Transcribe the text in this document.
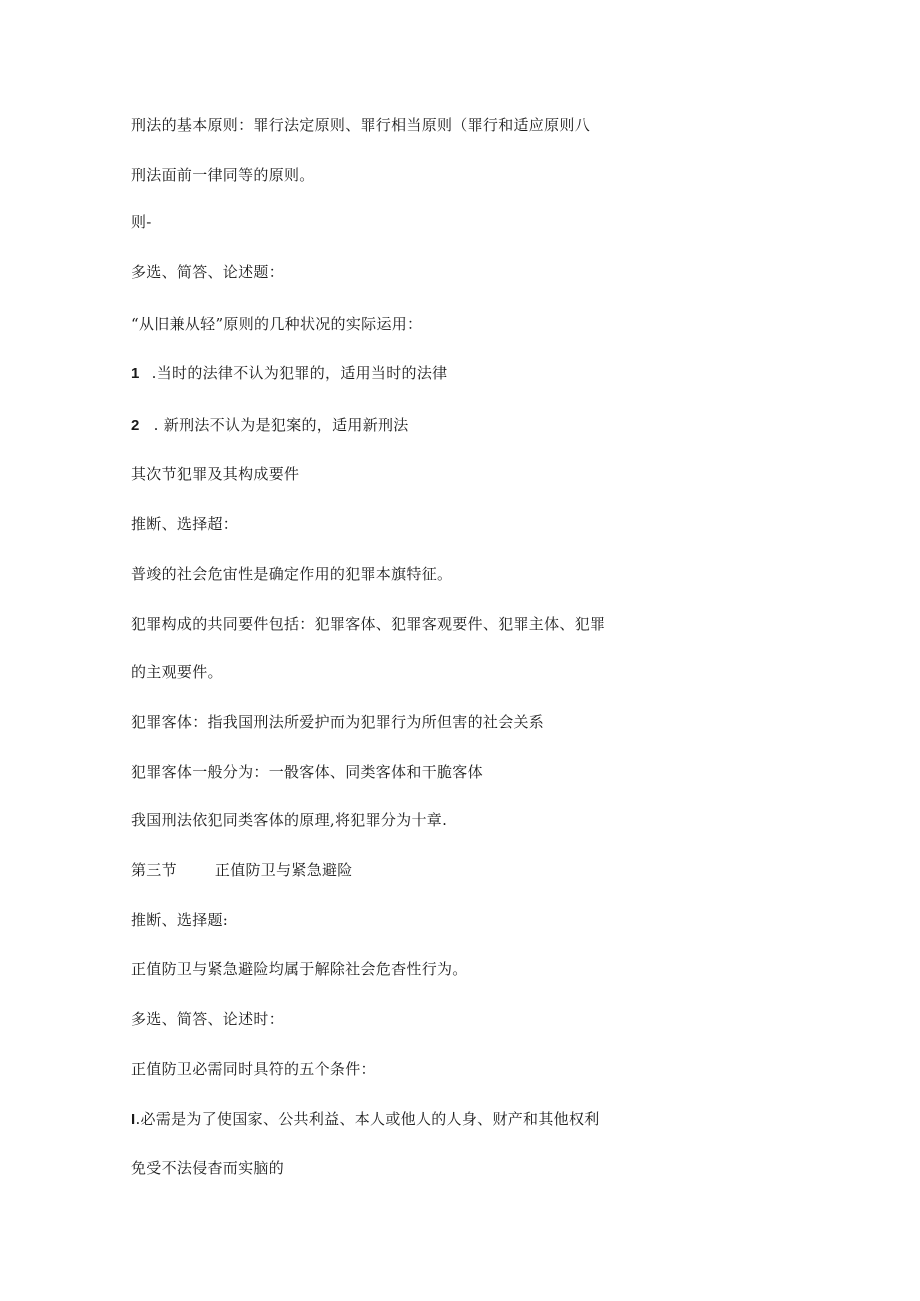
刑法的基本原则：罪行法定原则、罪行相当原则（罪行和适应原则八
刑法面前一律同等的原则。
则-
多选、简答、论述题：
“从旧兼从轻”原则的几种状况的实际运用：
1 .当时的法律不认为犯罪的，适用当时的法律
2 . 新刑法不认为是犯案的，适用新刑法
其次节犯罪及其构成要件
推断、选择超：
普竣的社会危宙性是确定作用的犯罪本旗特征。
犯罪构成的共同要件包括：犯罪客体、犯罪客观要件、犯罪主体、犯罪
的主观要件。
犯罪客体：指我国刑法所爱护而为犯罪行为所但害的社会关系
犯罪客体一般分为：一骰客体、同类客体和干脆客体
我国刑法依犯同类客体的原理,将犯罪分为十章.
第三节	正值防卫与紧急避险
推断、选择题:
正值防卫与紧急避险均属于解除社会危杳性行为。
多选、简答、论述时：
正值防卫必需同时具符的五个条件：
I.必需是为了使国家、公共利益、本人或他人的人身、财产和其他权利
免受不法侵杳而实脑的
